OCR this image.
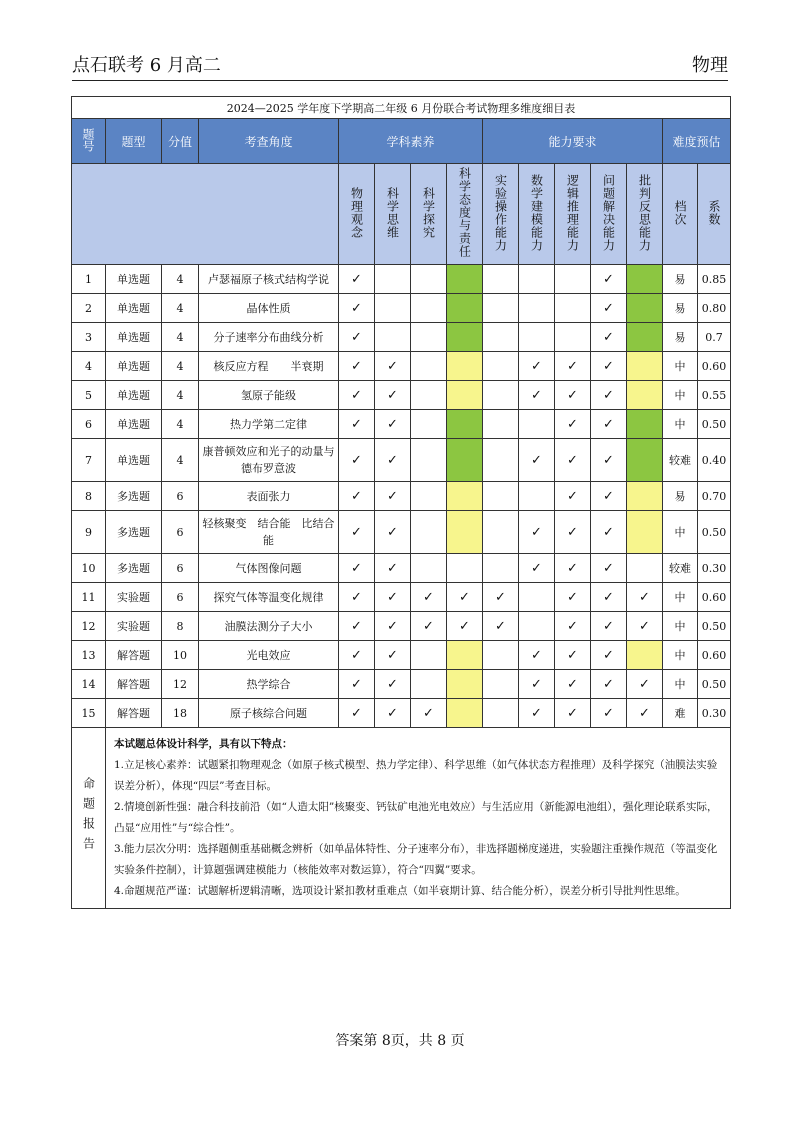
点石联考 6 月高二	物理
2024—2025 学年度下学期高二年级 6 月份联合考试物理多维度细目表														
题号	题型	分值	考查角度	学科素养				能力要求					难度预估	
				物理观念	科学思维	科学探究	科学态度与责任	实验操作能力	数学建模能力	逻辑推理能力	问题解决能力	批判反思能力	档次	系数
1	单选题	4	卢瑟福原子核式结构学说	✓							✓		易	0.85
2	单选题	4	晶体性质	✓							✓		易	0.80
3	单选题	4	分子速率分布曲线分析	✓							✓		易	0.7
4	单选题	4	核反应方程　　半衰期	✓	✓				✓	✓	✓		中	0.60
5	单选题	4	氢原子能级	✓	✓				✓	✓	✓		中	0.55
6	单选题	4	热力学第二定律	✓	✓					✓	✓		中	0.50
7	单选题	4	康普顿效应和光子的动量与德布罗意波	✓	✓				✓	✓	✓		较难	0.40
8	多选题	6	表面张力	✓	✓					✓	✓		易	0.70
9	多选题	6	轻核聚变　结合能　比结合能	✓	✓				✓	✓	✓		中	0.50
10	多选题	6	气体图像问题	✓	✓				✓	✓	✓		较难	0.30
11	实验题	6	探究气体等温变化规律	✓	✓	✓	✓	✓		✓	✓	✓	中	0.60
12	实验题	8	油膜法测分子大小	✓	✓	✓	✓	✓		✓	✓	✓	中	0.50
13	解答题	10	光电效应	✓	✓				✓	✓	✓		中	0.60
14	解答题	12	热学综合	✓	✓				✓	✓	✓	✓	中	0.50
15	解答题	18	原子核综合问题	✓	✓	✓			✓	✓	✓	✓	难	0.30
命题报告	本试题总体设计科学，具有以下特点：

1.立足核心素养：试题紧扣物理观念（如原子核式模型、热力学定律）、科学思维（如气体状态方程推理）及科学探究（油膜法实验误差分析），体现“四层”考查目标。

2.情境创新性强：融合科技前沿（如“人造太阳”核聚变、钙钛矿电池光电效应）与生活应用（新能源电池组），强化理论联系实际，凸显“应用性”与“综合性”。

3.能力层次分明：选择题侧重基础概念辨析（如单晶体特性、分子速率分布），非选择题梯度递进，实验题注重操作规范（等温变化实验条件控制），计算题强调建模能力（核能效率对数运算），符合“四翼”要求。

4.命题规范严谨：试题解析逻辑清晰，选项设计紧扣教材重难点（如半衰期计算、结合能分析），误差分析引导批判性思维。													

答案第 8页，共 8 页
